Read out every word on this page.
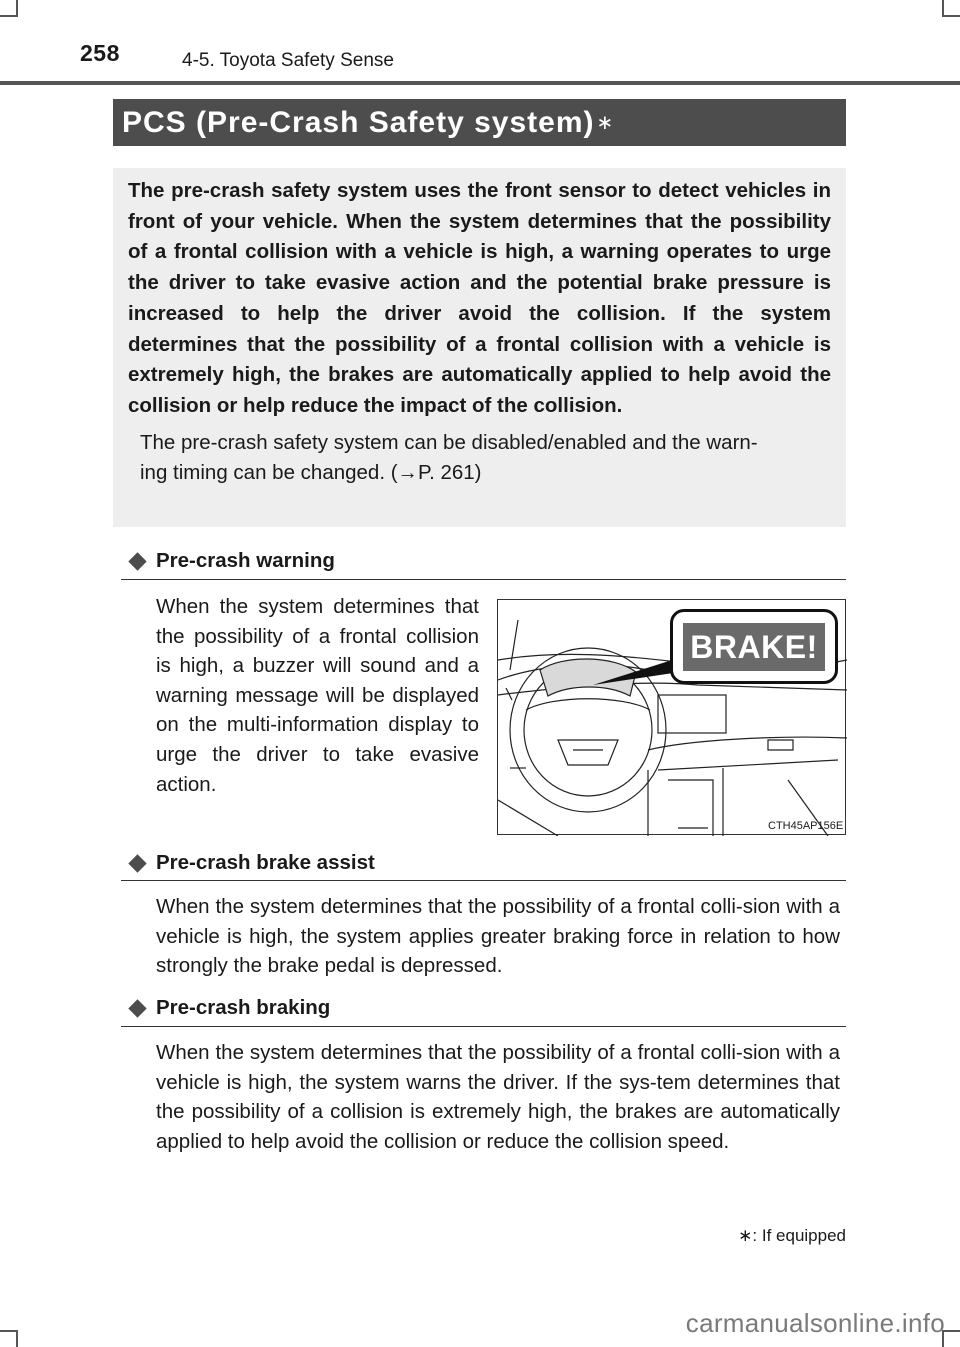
258	4-5. Toyota Safety Sense
PCS (Pre-Crash Safety system) ∗

The pre-crash safety system uses the front sensor to detect vehicles in front of your vehicle. When the system determines that the possibility of a frontal collision with a vehicle is high, a warning operates to urge the driver to take evasive action and the potential brake pressure is increased to help the driver avoid the collision. If the system determines that the possibility of a frontal collision with a vehicle is extremely high, the brakes are automatically applied to help avoid the collision or help reduce the impact of the collision.

The pre-crash safety system can be disabled/enabled and the warn-
ing timing can be changed. (→P. 261)

Pre-crash warning

When the system determines that the possibility of a frontal collision is high, a buzzer will sound and a warning message will be displayed on the multi-information display to urge the driver to take evasive action.

BRAKE!
CTH45AP156E
Pre-crash brake assist

When the system determines that the possibility of a frontal colli-sion with a vehicle is high, the system applies greater braking force in relation to how strongly the brake pedal is depressed.

Pre-crash braking

When the system determines that the possibility of a frontal colli-sion with a vehicle is high, the system warns the driver. If the sys-tem determines that the possibility of a collision is extremely high, the brakes are automatically applied to help avoid the collision or reduce the collision speed.

∗: If equipped
carmanualsonline.info
